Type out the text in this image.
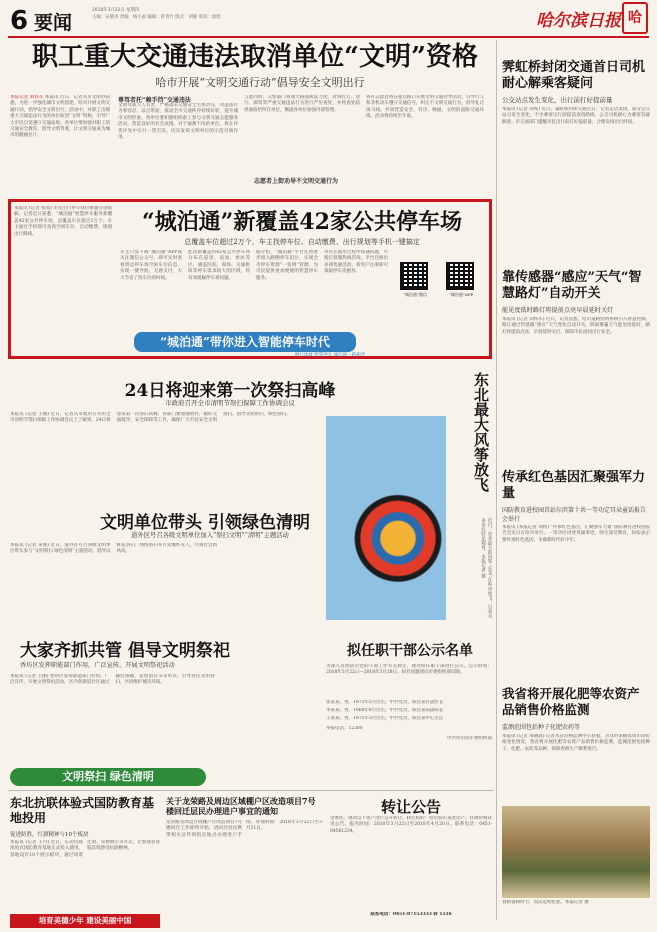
6 要闻
2018年3月22日 星期四
主编：宋静涛 责编：杨小雨 编辑：崔青竹 版式：刘静 审读：徐旭	哈尔滨日报 哈
职工重大交通违法取消单位“文明”资格
哈市开展“文明交通行动”倡导安全文明出行
本报记者 刘铁军 本报讯 近日，记者从市文明办获悉，为进一步强化城市文明创建，哈市开展文明交通行动，倡导安全文明出行。活动中，对职工出现重大交通违法行为的单位取消“文明”资格，引导广大市民自觉遵守交通法规。各单位要加强对职工的交通安全教育，倡导文明驾驶，让文明交通成为城市的靓丽名片。
尊驾者托“赖手挡”交通违法
文明驾驶人人有责，严格落实交通安全主体责任，对违法行为零容忍，以点带面，推动全市交通秩序持续好转，提升城市文明形象。各单位要积极组织职工参与文明交通志愿服务活动，营造良好的社会氛围。对于屡教不改的单位，将在评优评先中实行一票否决，切实发挥文明单位的示范引领作用。
与此同时，交警部门将加大路面执法力度，对闯红灯、逆行、酒驾等严重交通违法行为进行严厉查处，并将查处结果通报给所在单位，倒逼各单位加强内部管理。
志愿者上街劝导不文明交通行为
各区志愿者将在重点路口开展文明交通劝导活动，引导行人和非机动车遵守交通信号，纠正不文明交通行为，倡导礼让斑马线，共同营造安全、有序、畅通、文明的道路交通环境。活动将持续至年底。
“城泊通”新覆盖42家公共停车场
总覆盖车位超过2万个，车主找停车位、自动缴费、出行规划等手机一键搞定
本报讯 (记者 张旭) 市民出行停车找位难题有望缓解。记者近日获悉，“城泊通”智慧停车服务新覆盖42家公共停车场，总覆盖车位超过2万个。车主通过手机即可查询空闲车位、自动缴费、规划出行路线。
车主只需下载“城泊通”APP或关注微信公众号，即可实时查看周边停车场空闲车位信息，实现一键导航、无感支付，大大节省了找车位的时间。
此次新覆盖的42家公共停车场分布在道里、南岗、香坊等区，涵盖医院、商场、交通枢纽等停车需求较大的区域，将有效缓解停车难问题。
据介绍，“城泊通”平台还将逐步接入路侧停车泊位，实现全市停车资源“一张网”管理，为市民提供更加便捷的智慧停车服务。
市民在使用过程中如遇问题，可拨打客服热线咨询。平台还推出多项优惠活动，新用户注册即可领取停车优惠券。
“城泊通”微信	“城泊通”APP
“城泊通”带你进入智能停车时代
畅行冰城 智慧停车 城泊通一路相伴
霁虹桥封闭交通首日司机耐心解乘客疑问
公交站点发生变化，出行前打好提前量
本报讯 (记者 刘希) 近日，霁虹桥封闭交通首日，记者走访发现，部分公交站点发生变化，不少乘客出行前提前查询路线，公交司机耐心为乘客答疑解惑。市交通部门提醒市民出行前打好提前量，合理安排出行时间。
靠传感器“感应”天气“智慧路灯”自动开关
能见度低时路灯将提前点亮早晨延时关灯
本报讯 (记者 刘铁军) 近日，记者获悉，哈市道路照明系统引入智慧控制，路灯通过传感器“感应”天气变化自动开关。阴雨雾霾天气能见度低时，路灯将提前点亮，早晨延时关灯，保障市民夜间出行安全。
传承红色基因汇聚强军力量
国防教育进校园首站尔滨第十共一等功定耳朵童话报告会举行
本报讯 (本报记者 刘铁) “传承红色基因，汇聚强军力量”国防教育进校园报告会近日在哈市举行。一等功臣讲述英雄事迹，师生深受教育，纷纷表示要传承红色基因，争做新时代好少年。
我省将开展化肥等农资产品销售价格监测
监测范围包括种子化肥农药等
本报讯 (记者 邢晓晨) 记者从省价格监测中心获悉，为及时掌握农资市场价格变化情况，我省将开展化肥等农资产品销售价格监测，监测范围包括种子、化肥、农药等品种，保障春耕生产顺利进行。
春耕备耕时节，农民选购化肥。本报记者 摄
24日将迎来第一次祭扫高峰
市政府召开全市清明节祭扫保障工作协调会议
本报讯 (记者 王丽) 近日，记者从市政府召开的全市清明节祭扫保障工作协调会议上了解到，24日将迎来第一次祭扫高峰。各部门要加强协作，做好交通疏导、安全保障等工作，确保广大市民安全文明祭扫。倡导文明祭扫、绿色祭扫。
文明单位带头 引领绿色清明
道外区号召各级文明单位加入“祭扫文明”“清明”主题活动
本报讯 (记者 宋俊) 近日，道外区号召各级文明单位带头参与“文明祭扫 绿色清明”主题活动，倡导以鲜花祭扫、网络祭扫等方式缅怀先人，引领社会新风尚。
大家齐抓共管 倡导文明祭祀
香坊区发挥职能部门作用，广泛宣传，开展文明祭祀活动
本报讯 (记者 王丽) 香坊区发挥职能部门作用，广泛宣传，开展文明祭祀活动。区内各街道社区通过悬挂条幅、发放倡议书等形式，引导居民文明祭扫，共同维护城市环境。
东北最大风筝放飞
近日，东北最大的风筝“长龙”在哈市放飞，引来众多市民驻足观看。本报记者 摄
拟任职干部公示名单
为深入贯彻落实党的干部工作有关规定，现对拟任职干部进行公示。公示时间：2018年3月22日—2018年3月28日。如有问题请向市委组织部反映。
张某某，男，1973年5月出生，中共党员，拟任某区副区长
李某某，男，1968年8月出生，中共党员，拟任某局副局长
王某某，男，1975年3月出生，中共党员，拟任某中心主任
举报电话：12380
中共哈尔滨市委组织部
文明祭扫 绿色清明
东北抗联体验式国防教育基地投用
促进防胜，红旗精神与10个板块
本报讯 (记者 王丹) 近日，东北抗联体验式国防教育基地正式投入使用。基地设有10个展示板块，通过场景还原、实物展示等方式，让参观者身临其境感受抗联精神。
培育美德少年 建设美丽中国
关于龙荣路及周边区域棚户区改造项目7号楼回迁层民办理进户事宜的通知
龙荣路及周边区域棚户区改造项目7号楼回迁工作即将开始，请回迁居民携带相关证件到指定地点办理进户手续。办理时间：2018年3月22日至3月31日。
转让公告
受委托，现对以下资产进行公开转让。转让标的：哈尔滨市某处房产。挂牌价格详见公告。报名时间：2018年3月22日至2018年4月20日。联系电话：0451-84561234。
联系电话：0451-87153333 转 1516
